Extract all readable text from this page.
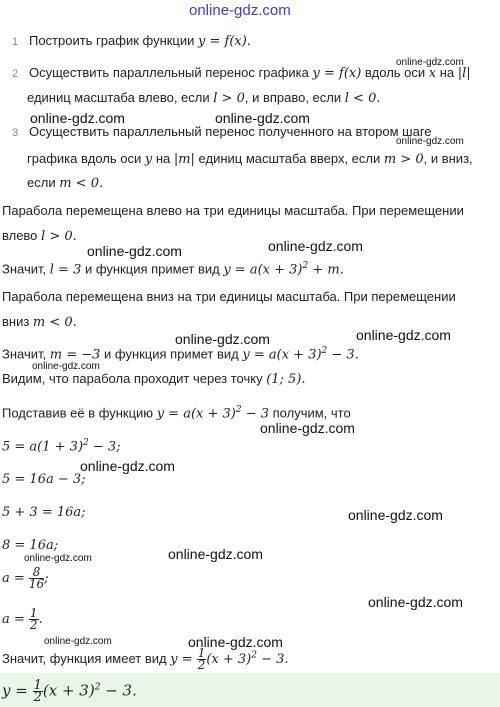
online-gdz.com
1 Построить график функции y = f(x).
online-gdz.com
2 Осуществить параллельный перенос графика y = f(x) вдоль оси x на |l|
единиц масштаба влево, если l > 0, и вправо, если l < 0.
online-gdz.com	online-gdz.com
online-gdz.com
3 Осуществить параллельный перенос полученного на втором шаге
графика вдоль оси y на |m| единиц масштаба вверх, если m > 0, и вниз,
если m < 0.
Парабола перемещена влево на три единицы масштаба. При перемещении
влево l > 0.
online-gdz.com	online-gdz.com
Значит, l = 3 и функция примет вид $y = a(x + 3)^2 + m$.
Парабола перемещена вниз на три единицы масштаба. При перемещении
вниз m < 0.
online-gdz.com	online-gdz.com
Значит, m = −3 и функция примет вид $y = a(x + 3)^2 - 3$.
online-gdz.com
Видим, что парабола проходит через точку (1; 5).
Подставив её в функцию $y = a(x + 3)^2 - 3$ получим, что
online-gdz.com
$5 = a(1 + 3)^2 - 3$;
online-gdz.com
5 = 16a − 3;
5 + 3 = 16a;	online-gdz.com
8 = 16a;
online-gdz.com
online-gdz.com
$a = \frac{8}{16}$ ;
online-gdz.com
$a = \frac{1}{2}$ .
online-gdz.com	online-gdz.com
Значит, функция имеет вид $y = \frac{1}{2} (x + 3)^2 - 3$.
$y = \frac{1}{2} (x + 3)^2 - 3$.
